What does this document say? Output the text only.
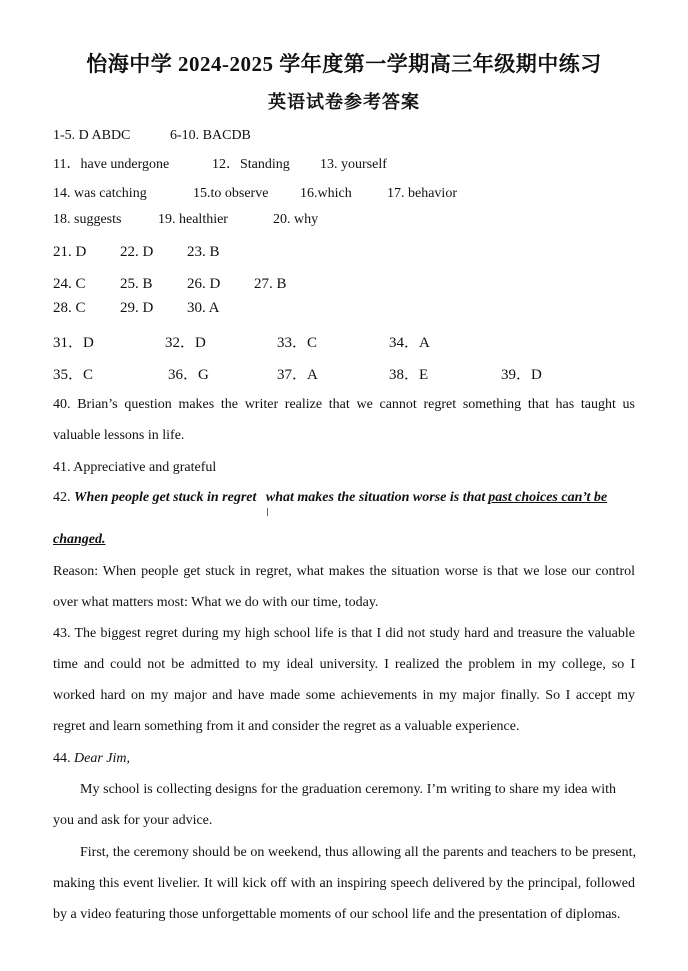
怡海中学 2024-2025 学年度第一学期高三年级期中练习
英语试卷参考答案
1-5. D ABDC	6-10. BACDB
11．have undergone	12．Standing 13. yourself
14. was catching	15.to observe 16.which	17. behavior
18. suggests	19. healthier	20. why
21. D 22. D 23. B
24. C 25. B 26. D 27. B
28. C 29. D 30. A
31．D	32．D	33．C	34．A
35．C	36．G	37．A	38．E	39．D
40. Brian’s question makes the writer realize that we cannot regret something that has taught us
valuable lessons in life.
41. Appreciative and grateful
42. When people get stuck in regret what makes the situation worse is that past choices can’t be
changed.
Reason: When people get stuck in regret, what makes the situation worse is that we lose our control
over what matters most: What we do with our time, today.
43. The biggest regret during my high school life is that I did not study hard and treasure the valuable
time and could not be admitted to my ideal university. I realized the problem in my college, so I
worked hard on my major and have made some achievements in my major finally. So I accept my
regret and learn something from it and consider the regret as a valuable experience.
44. Dear Jim,
My school is collecting designs for the graduation ceremony. I’m writing to share my idea with
you and ask for your advice.
First, the ceremony should be on weekend, thus allowing all the parents and teachers to be present,
making this event livelier. It will kick off with an inspiring speech delivered by the principal, followed
by a video featuring those unforgettable moments of our school life and the presentation of diplomas.
